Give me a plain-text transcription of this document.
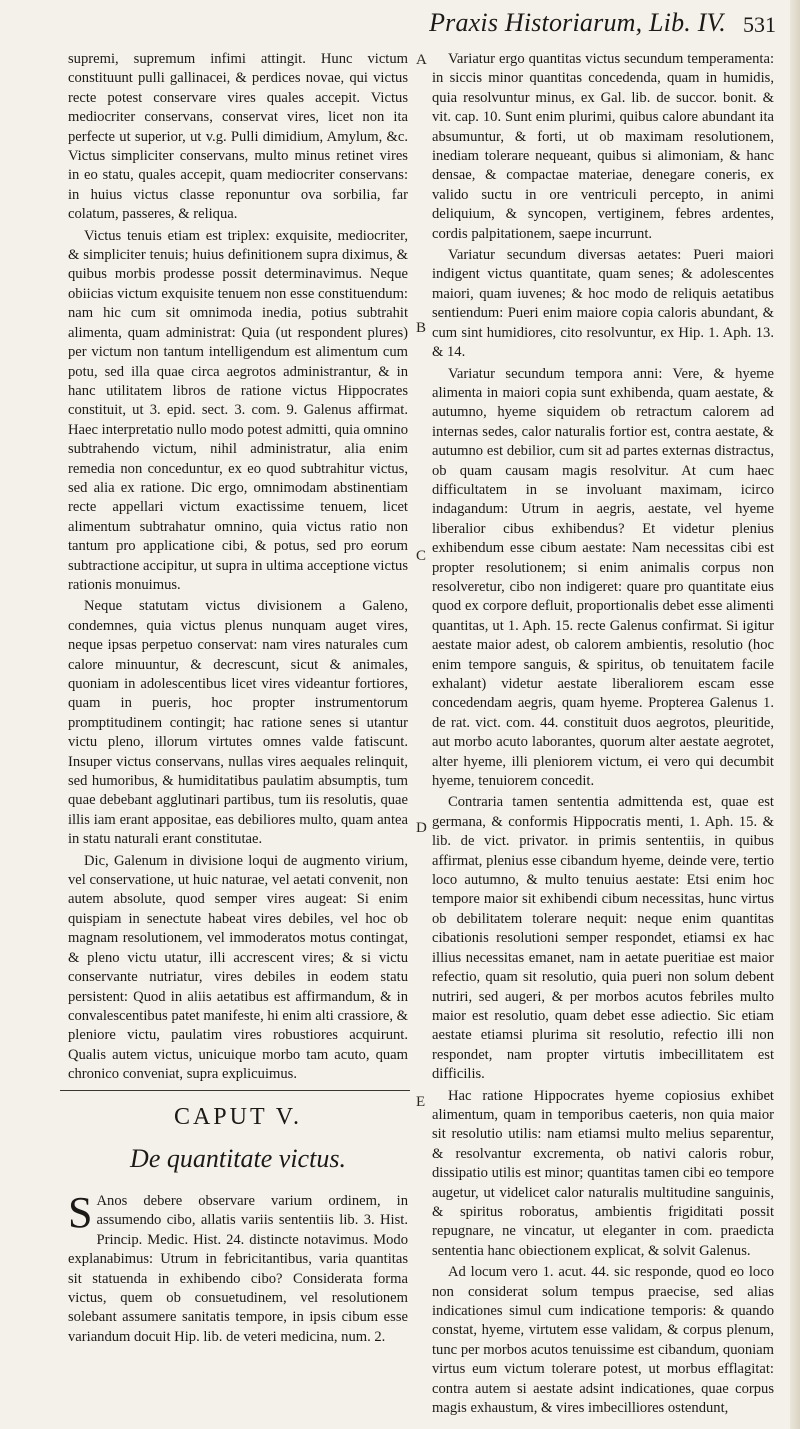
Praxis Historiarum, Lib. IV. 531

supremi, supremum infimi attingit. Hunc victum constituunt pulli gallinacei, & perdices novae, qui victus recte potest conservare vires quales accepit. Victus mediocriter conservans, conservat vires, licet non ita perfecte ut superior, ut v.g. Pulli dimidium, Amylum, &c. Victus simpliciter conservans, multo minus retinet vires in eo statu, quales accepit, quam mediocriter conservans: in huius victus classe reponuntur ova sorbilia, far colatum, passeres, & reliqua.

Victus tenuis etiam est triplex: exquisite, mediocriter, & simpliciter tenuis; huius definitionem supra diximus, & quibus morbis prodesse possit determinavimus. Neque obiicias victum exquisite tenuem non esse constituendum: nam hic cum sit omnimoda inedia, potius subtrahit alimenta, quam administrat: Quia (ut respondent plures) per victum non tantum intelligendum est alimentum cum potu, sed illa quae circa aegrotos administrantur, & in hanc utilitatem libros de ratione victus Hippocrates constituit, ut 3. epid. sect. 3. com. 9. Galenus affirmat. Haec interpretatio nullo modo potest admitti, quia omnino subtrahendo victum, nihil administratur, alia enim remedia non conceduntur, ex eo quod subtrahitur victus, sed alia ex ratione. Dic ergo, omnimodam abstinentiam recte appellari victum exactissime tenuem, licet alimentum subtrahatur omnino, quia victus ratio non tantum pro applicatione cibi, & potus, sed pro eorum subtractione accipitur, ut supra in ultima acceptione victus rationis monuimus.

Neque statutam victus divisionem a Galeno, condemnes, quia victus plenus nunquam auget vires, neque ipsas perpetuo conservat: nam vires naturales cum calore minuuntur, & decrescunt, sicut & animales, quoniam in adolescentibus licet vires videantur fortiores, quam in pueris, hoc propter instrumentorum promptitudinem contingit; hac ratione senes si utantur victu pleno, illorum virtutes omnes valde fatiscunt. Insuper victus conservans, nullas vires aequales relinquit, sed humoribus, & humiditatibus paulatim absumptis, tum quae debebant agglutinari partibus, tum iis resolutis, quae illis iam erant appositae, eas debiliores multo, quam antea in statu naturali erant constitutae.

Dic, Galenum in divisione loqui de augmento virium, vel conservatione, ut huic naturae, vel aetati convenit, non autem absolute, quod semper vires augeat: Si enim quispiam in senectute habeat vires debiles, vel hoc ob magnam resolutionem, vel immoderatos motus contingat, & pleno victu utatur, illi accrescent vires; & si victu conservante nutriatur, vires debiles in eodem statu persistent: Quod in aliis aetatibus est affirmandum, & in convalescentibus patet manifeste, hi enim alti crassiore, & pleniore victu, paulatim vires robustiores acquirunt. Qualis autem victus, unicuique morbo tam acuto, quam chronico conveniat, supra explicuimus.

CAPUT V.
De quantitate victus.

S Anos debere observare varium ordinem, in assumendo cibo, allatis variis sententiis lib. 3. Hist. Princip. Medic. Hist. 24. distincte notavimus. Modo explanabimus: Utrum in febricitantibus, varia quantitas sit statuenda in exhibendo cibo? Considerata forma victus, quem ob consuetudinem, vel resolutionem solebant assumere sanitatis tempore, in ipsis cibum esse variandum docuit Hip. lib. de veteri medicina, num. 2.

Variatur ergo quantitas victus secundum temperamenta: in siccis minor quantitas concedenda, quam in humidis, quia resolvuntur minus, ex Gal. lib. de succor. bonit. & vit. cap. 10. Sunt enim plurimi, quibus calore abundant ita absumuntur, & forti, ut ob maximam resolutionem, inediam tolerare nequeant, quibus si alimoniam, & hanc densae, & compactae materiae, denegare coneris, ex valido suctu in ore ventriculi percepto, in animi deliquium, & syncopen, vertiginem, febres ardentes, cordis palpitationem, saepe incurrunt.

Variatur secundum diversas aetates: Pueri maiori indigent victus quantitate, quam senes; & adolescentes maiori, quam iuvenes; & hoc modo de reliquis aetatibus sentiendum: Pueri enim maiore copia caloris abundant, & cum sint humidiores, cito resolvuntur, ex Hip. 1. Aph. 13. & 14.

Variatur secundum tempora anni: Vere, & hyeme alimenta in maiori copia sunt exhibenda, quam aestate, & autumno, hyeme siquidem ob retractum calorem ad internas sedes, calor naturalis fortior est, contra aestate, & autumno est debilior, cum sit ad partes externas distractus, ob quam causam magis resolvitur. At cum haec difficultatem in se involuant maximam, icirco indagandum: Utrum in aegris, aestate, vel hyeme liberalior cibus exhibendus? Et videtur plenius exhibendum esse cibum aestate: Nam necessitas cibi est propter resolutionem; si enim animalis corpus non resolveretur, cibo non indigeret: quare pro quantitate eius quod ex corpore defluit, proportionalis debet esse alimenti quantitas, ut 1. Aph. 15. recte Galenus confirmat. Si igitur aestate maior adest, ob calorem ambientis, resolutio (hoc enim tempore sanguis, & spiritus, ob tenuitatem facile exhalant) videtur aestate liberaliorem escam esse concedendam aegris, quam hyeme. Propterea Galenus 1. de rat. vict. com. 44. constituit duos aegrotos, pleuritide, aut morbo acuto laborantes, quorum alter aestate aegrotet, alter hyeme, illi pleniorem victum, ei vero qui decumbit hyeme, tenuiorem concedit.

Contraria tamen sententia admittenda est, quae est germana, & conformis Hippocratis menti, 1. Aph. 15. & lib. de vict. privator. in primis sententiis, in quibus affirmat, plenius esse cibandum hyeme, deinde vere, tertio loco autumno, & multo tenuius aestate: Etsi enim hoc tempore maior sit exhibendi cibum necessitas, hunc virtus ob debilitatem tolerare nequit: neque enim quantitas cibationis resolutioni semper respondet, etiamsi ex hac illius necessitas emanet, nam in aetate pueritiae est maior refectio, quam sit resolutio, quia pueri non solum debent nutriri, sed augeri, & per morbos acutos febriles multo maior est resolutio, quam debet esse adiectio. Sic etiam aestate etiamsi plurima sit resolutio, refectio illi non respondet, nam propter virtutis imbecillitatem est difficilis.

Hac ratione Hippocrates hyeme copiosius exhibet alimentum, quam in temporibus caeteris, non quia maior sit resolutio utilis: nam etiamsi multo melius separentur, & resolvantur excrementa, ob nativi caloris robur, dissipatio utilis est minor; quantitas tamen cibi eo tempore augetur, ut videlicet calor naturalis multitudine sanguinis, & spiritus roboratus, ambientis frigiditati possit repugnare, ne vincatur, ut eleganter in com. praedicta sententia hanc obiectionem explicat, & solvit Galenus.

Ad locum vero 1. acut. 44. sic responde, quod eo loco non considerat solum tempus praecise, sed alias indicationes simul cum indicatione temporis: & quando constat, hyeme, virtutem esse validam, & corpus plenum, tunc per morbos acutos tenuissime est cibandum, quoniam virtus eum victum tolerare potest, ut morbus efflagitat: contra autem si aestate adsint indicationes, quae corpus magis exhaustum, & vires imbecilliores ostendunt,

A
B
C
D
E
